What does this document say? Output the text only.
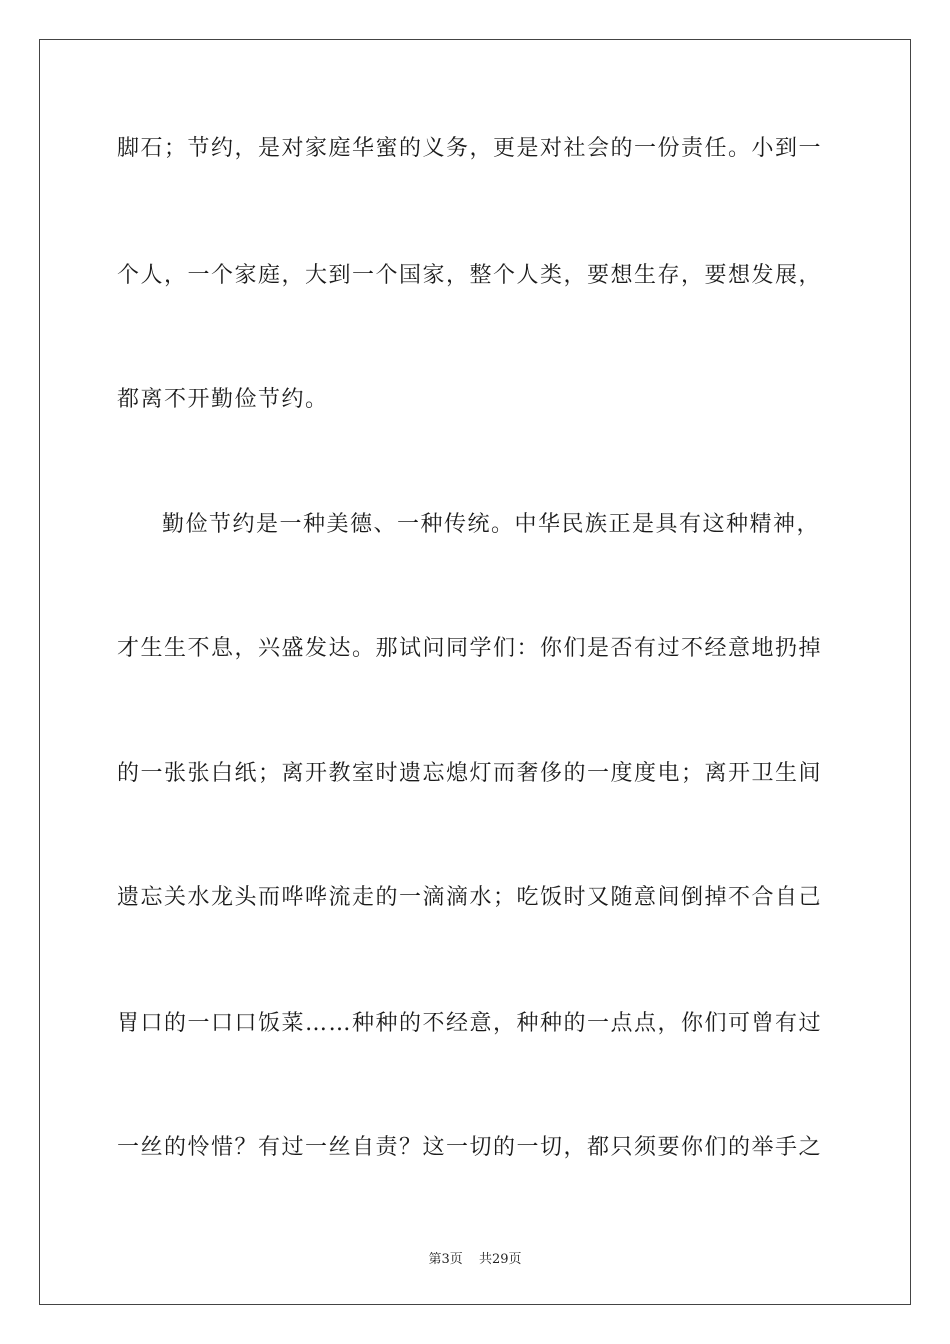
脚石；节约，是对家庭华蜜的义务，更是对社会的一份责任。小到一
个人，一个家庭，大到一个国家，整个人类，要想生存，要想发展，
都离不开勤俭节约。
勤俭节约是一种美德、一种传统。中华民族正是具有这种精神，
才生生不息，兴盛发达。那试问同学们：你们是否有过不经意地扔掉
的一张张白纸；离开教室时遗忘熄灯而奢侈的一度度电；离开卫生间
遗忘关水龙头而哗哗流走的一滴滴水；吃饭时又随意间倒掉不合自己
胃口的一口口饭菜……种种的不经意，种种的一点点，你们可曾有过
一丝的怜惜？有过一丝自责？这一切的一切，都只须要你们的举手之
第3页 共29页
